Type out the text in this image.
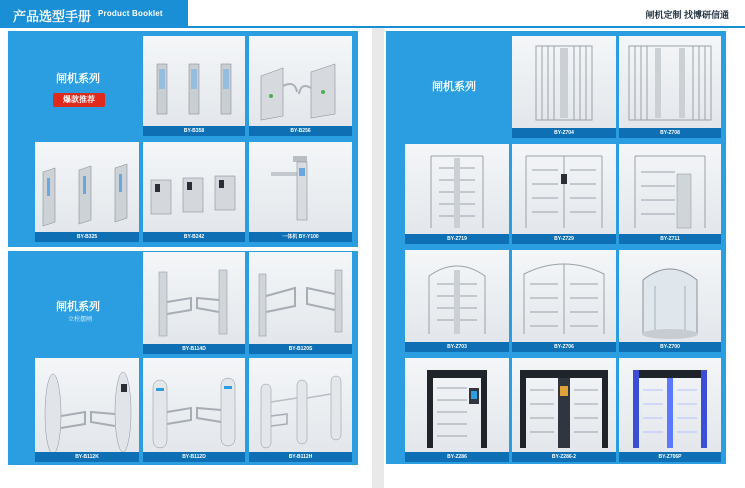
产品选型手册 Product Booklet	闸机定制 找博研信通
闸机系列
爆款推荐
BY-B358	BY-B256
BY-B325	BY-B242	一体机 BY-Y100
闸机系列
立柱摆闸
BY-B114D	BY-B120S
BY-B112K	BY-B112D	BY-B112H
闸机系列
BY-Z704	BY-Z708
BY-Z719	BY-Z729	BY-Z711
BY-Z703	BY-Z706	BY-Z700
BY-Z286	BY-Z286-2	BY-Z706P
